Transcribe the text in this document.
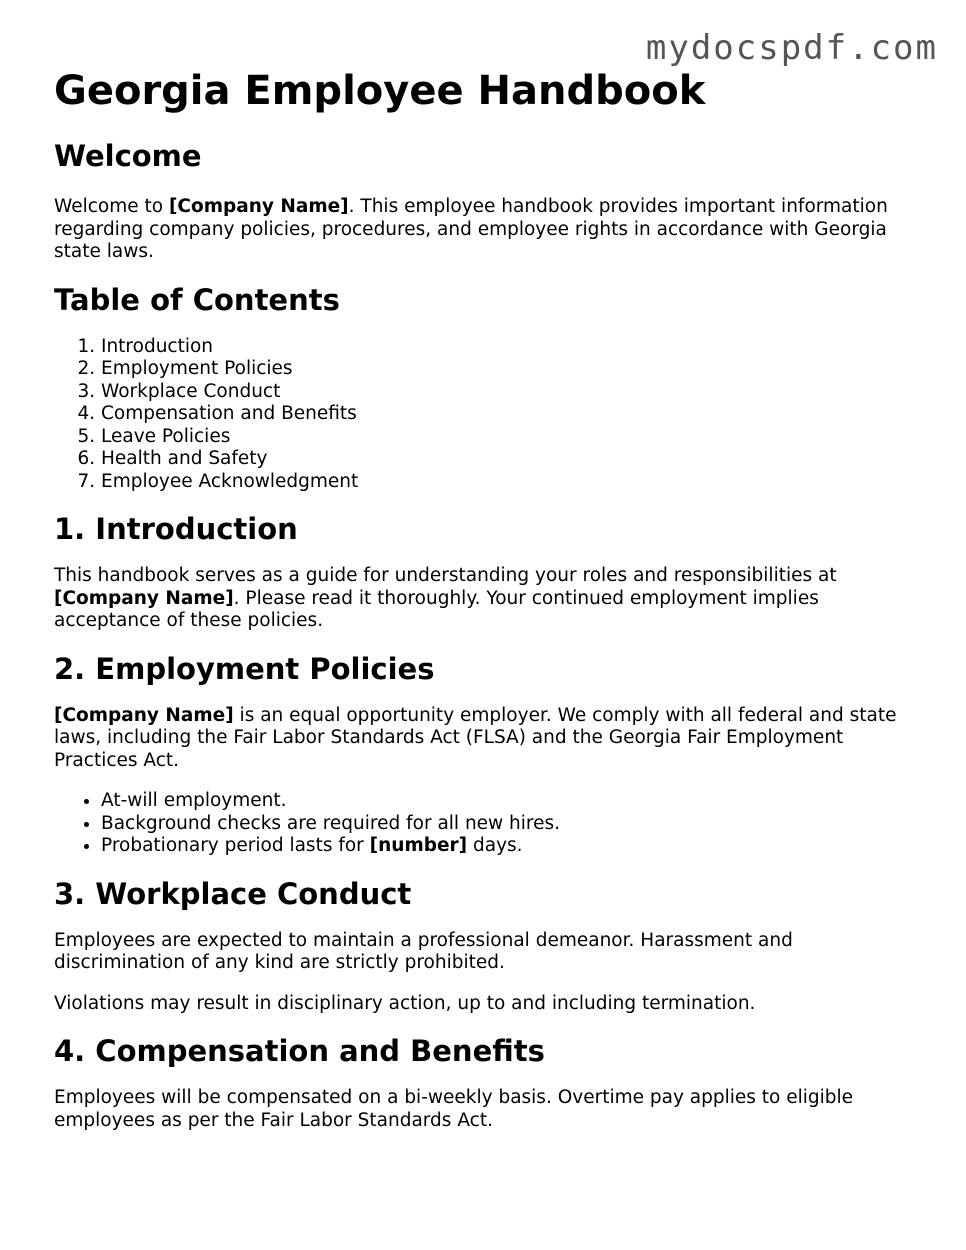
mydocspdf.com
Georgia Employee Handbook
Welcome

Welcome to [Company Name]. This employee handbook provides important information regarding company policies, procedures, and employee rights in accordance with Georgia state laws.

Table of Contents
1. Introduction
2. Employment Policies
3. Workplace Conduct
4. Compensation and Benefits
5. Leave Policies
6. Health and Safety
7. Employee Acknowledgment
1. Introduction

This handbook serves as a guide for understanding your roles and responsibilities at [Company Name]. Please read it thoroughly. Your continued employment implies acceptance of these policies.

2. Employment Policies

[Company Name] is an equal opportunity employer. We comply with all federal and state laws, including the Fair Labor Standards Act (FLSA) and the Georgia Fair Employment Practices Act.

• At-will employment.
• Background checks are required for all new hires.
• Probationary period lasts for [number] days.
3. Workplace Conduct

Employees are expected to maintain a professional demeanor. Harassment and discrimination of any kind are strictly prohibited.

Violations may result in disciplinary action, up to and including termination.

4. Compensation and Benefits

Employees will be compensated on a bi-weekly basis. Overtime pay applies to eligible employees as per the Fair Labor Standards Act.
